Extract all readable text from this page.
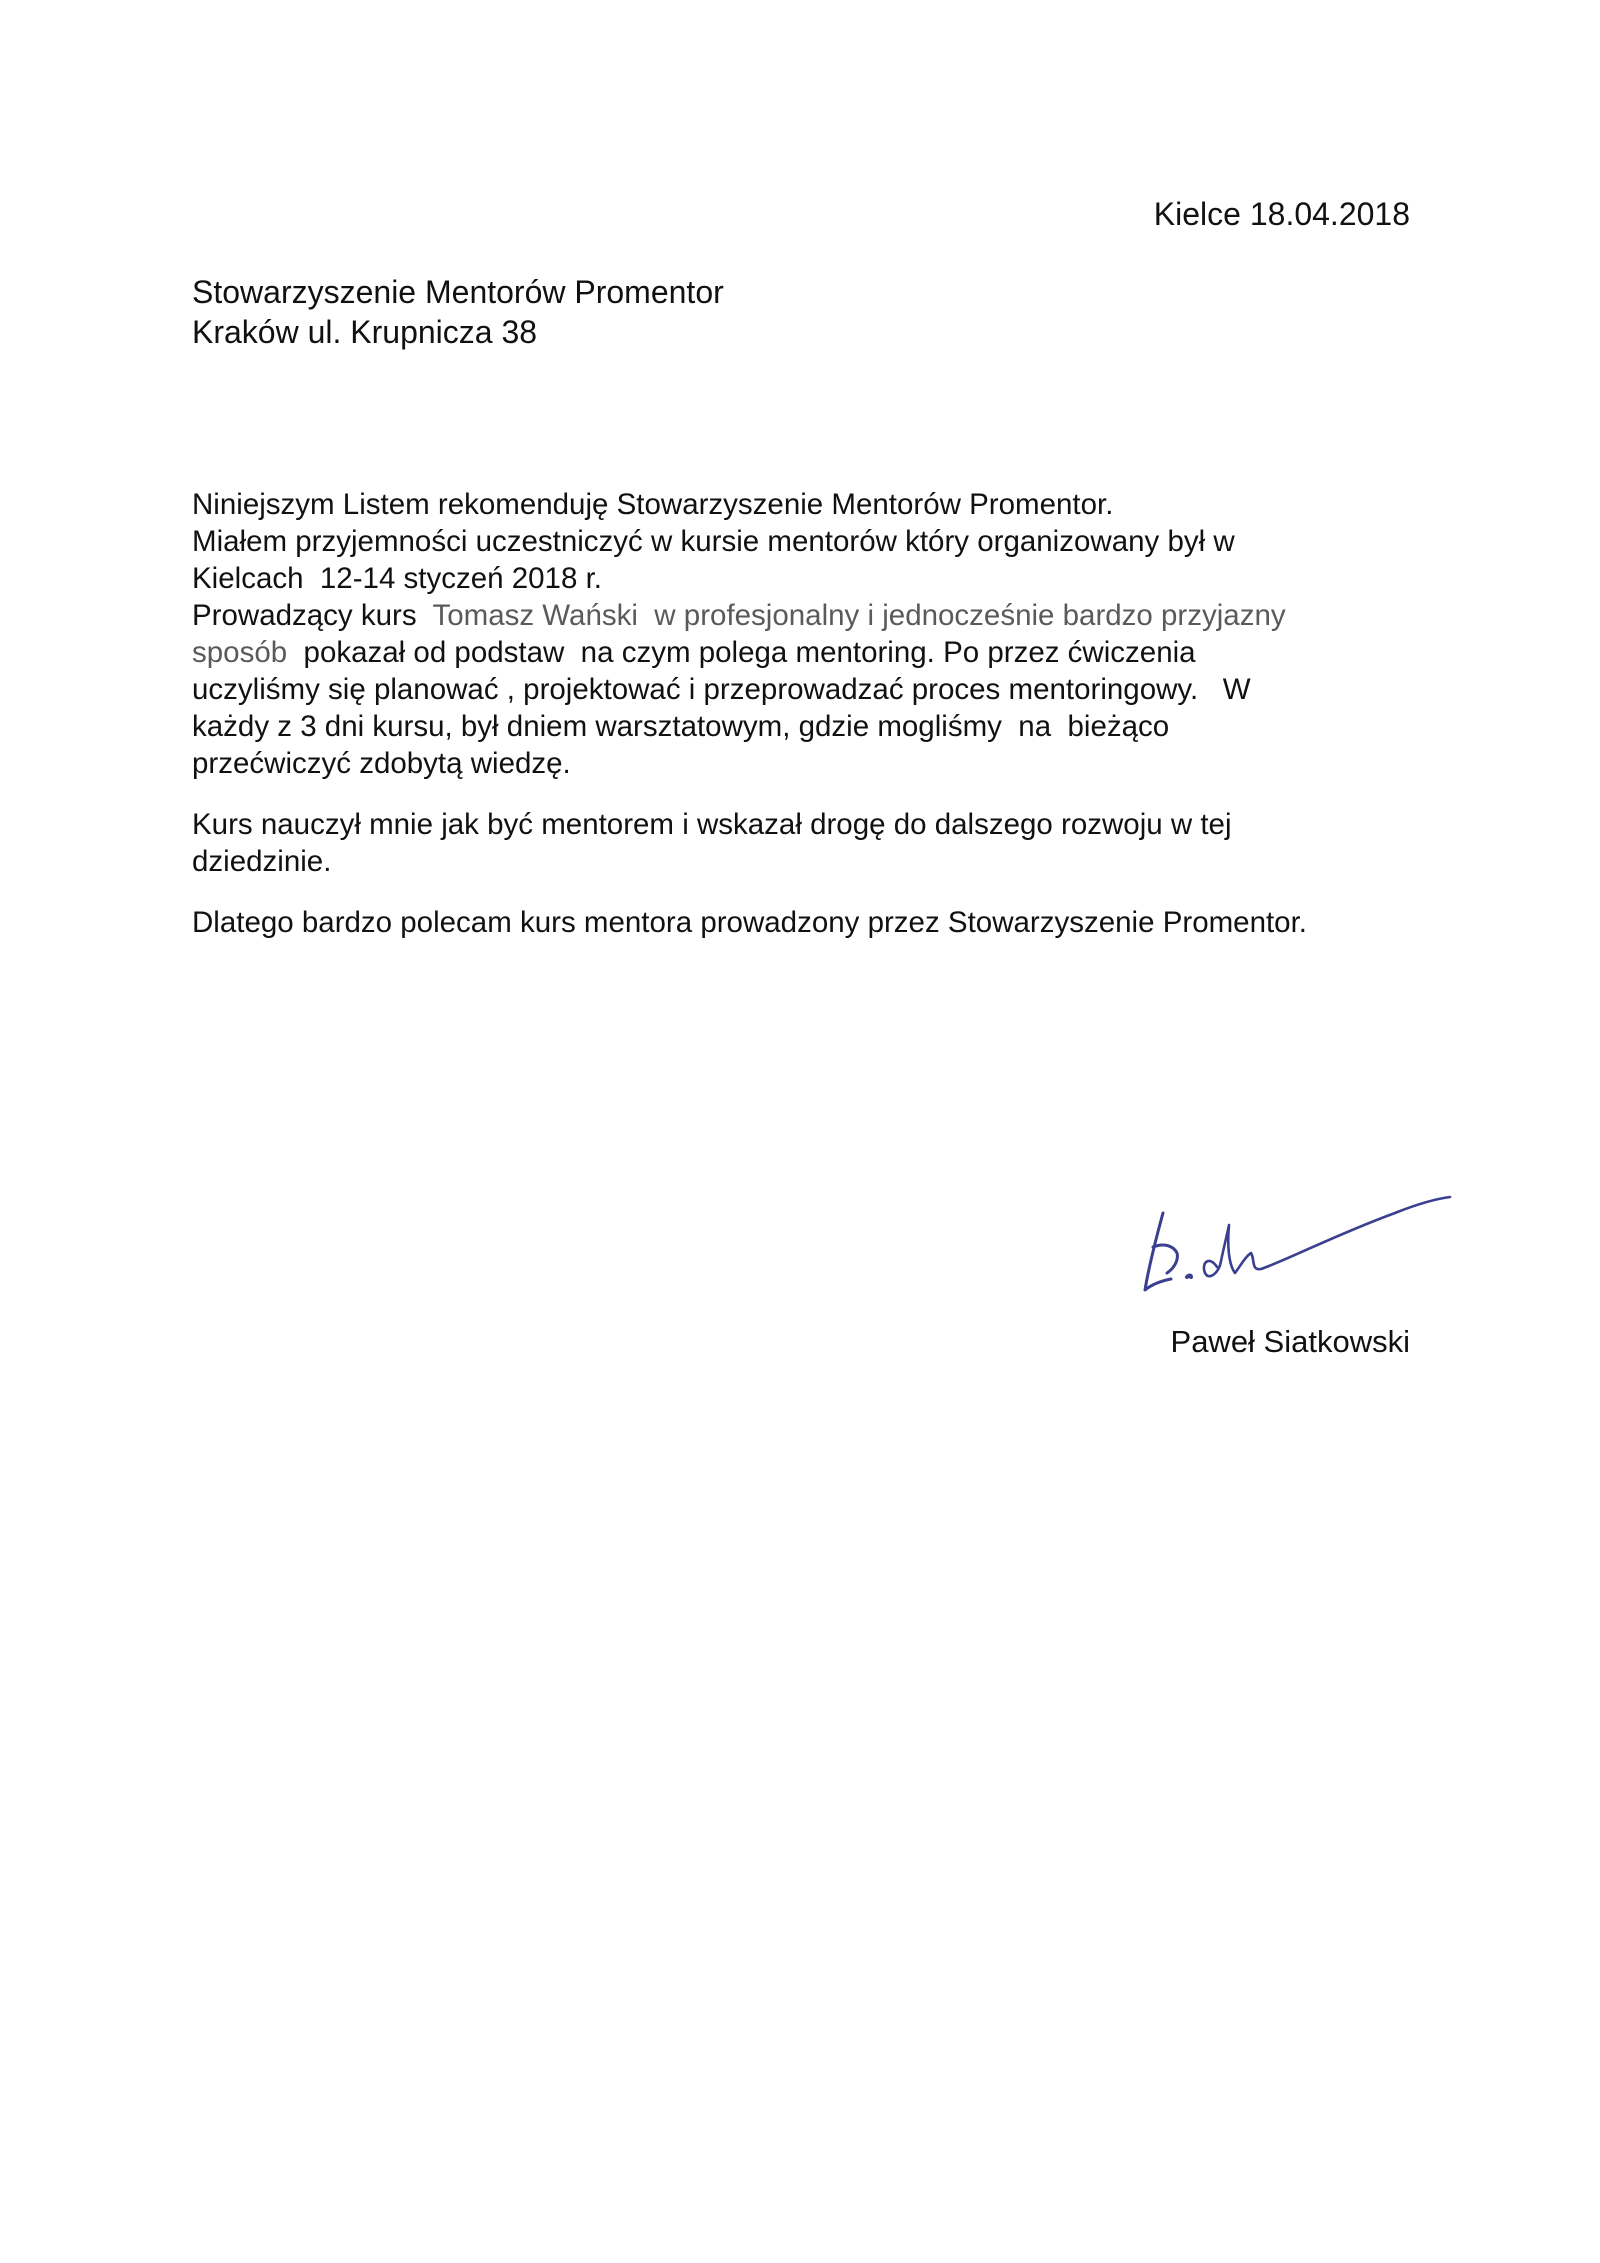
Kielce 18.04.2018
Stowarzyszenie Mentorów Promentor
Kraków ul. Krupnicza 38
Niniejszym Listem rekomenduję Stowarzyszenie Mentorów Promentor.
Miałem przyjemności uczestniczyć w kursie mentorów który organizowany był w
Kielcach  12-14 styczeń 2018 r.
Prowadzący kurs  Tomasz Wański  w profesjonalny i jednocześnie bardzo przyjazny
sposób  pokazał od podstaw  na czym polega mentoring. Po przez ćwiczenia
uczyliśmy się planować , projektować i przeprowadzać proces mentoringowy.   W
każdy z 3 dni kursu, był dniem warsztatowym, gdzie mogliśmy  na  bieżąco
przećwiczyć zdobytą wiedzę.
Kurs nauczył mnie jak być mentorem i wskazał drogę do dalszego rozwoju w tej
dziedzinie.
Dlatego bardzo polecam kurs mentora prowadzony przez Stowarzyszenie Promentor.
Paweł Siatkowski
